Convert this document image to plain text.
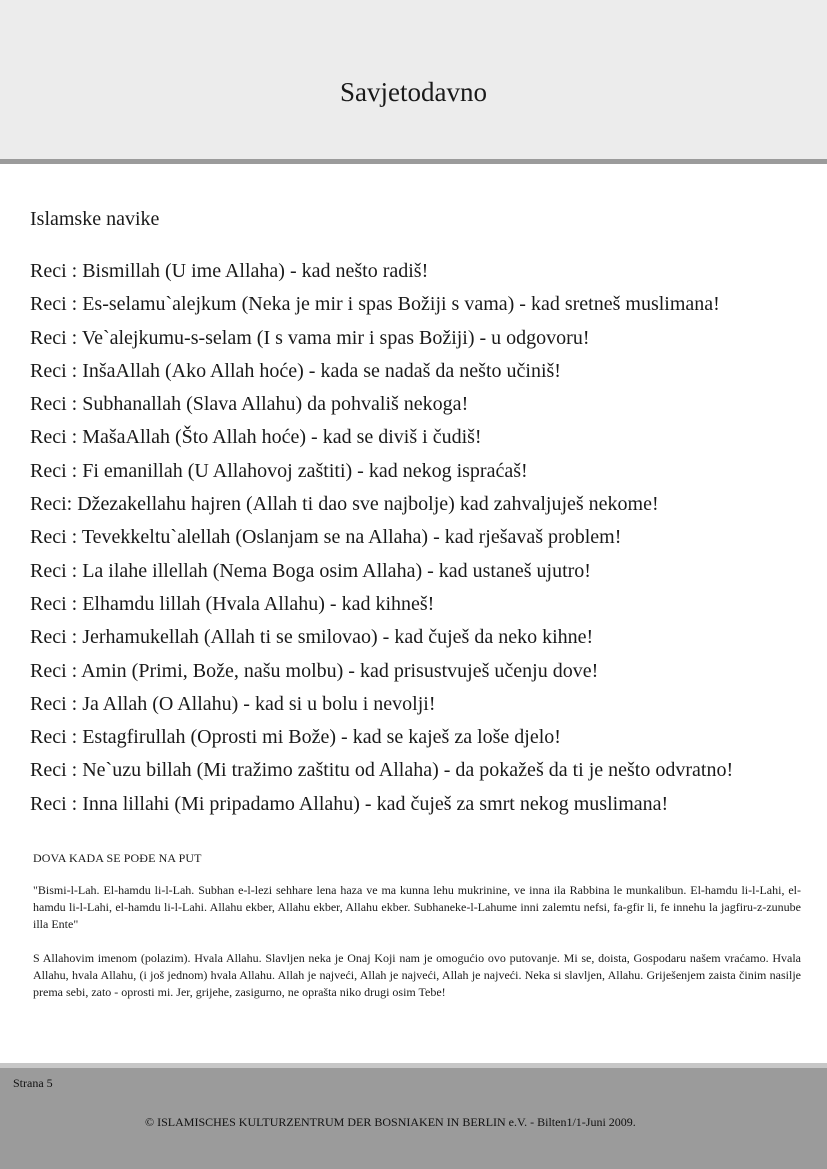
Savjetodavno
Islamske navike
Reci : Bismillah (U ime Allaha) - kad nešto radiš!
Reci : Es-selamu`alejkum (Neka je mir i spas Božiji s vama) - kad sretneš muslimana!
Reci : Ve`alejkumu-s-selam (I s vama mir i spas Božiji) - u odgovoru!
Reci : InšaAllah (Ako Allah hoće) - kada se nadaš da nešto učiniš!
Reci : Subhanallah (Slava Allahu) da pohvališ nekoga!
Reci : MašaAllah (Što Allah hoće) - kad se diviš i čudiš!
Reci : Fi emanillah (U Allahovoj zaštiti) - kad nekog ispraćaš!
Reci: Džezakellahu hajren (Allah ti dao sve najbolje) kad zahvaljuješ nekome!
Reci : Tevekkeltu`alellah (Oslanjam se na Allaha) - kad rješavaš problem!
Reci : La ilahe illellah (Nema Boga osim Allaha) - kad ustaneš ujutro!
Reci : Elhamdu lillah (Hvala Allahu) - kad kihneš!
Reci : Jerhamukellah (Allah ti se smilovao) - kad čuješ da neko kihne!
Reci : Amin (Primi, Bože, našu molbu) - kad prisustvuješ učenju dove!
Reci : Ja Allah (O Allahu) - kad si u bolu i nevolji!
Reci : Estagfirullah (Oprosti mi Bože) - kad se kaješ za loše djelo!
Reci : Ne`uzu billah (Mi tražimo zaštitu od Allaha) - da pokažeš da ti je nešto odvratno!
Reci : Inna lillahi (Mi pripadamo Allahu) - kad čuješ za smrt nekog muslimana!
DOVA KADA SE POĐE NA PUT

"Bismi-l-Lah. El-hamdu li-l-Lah. Subhan e-l-lezi sehhare lena haza ve ma kunna lehu mukrinine, ve inna ila Rabbina le munkalibun. El-hamdu li-l-Lahi, el-hamdu li-l-Lahi, el-hamdu li-l-Lahi. Allahu ekber, Allahu ekber, Allahu ekber. Subhaneke-l-Lahume inni zalemtu nefsi, fa-gfir li, fe innehu la jagfiru-z-zunube illa Ente"

S Allahovim imenom (polazim). Hvala Allahu. Slavljen neka je Onaj Koji nam je omogućio ovo putovanje. Mi se, doista, Gospodaru našem vraćamo. Hvala Allahu, hvala Allahu, (i još jednom) hvala Allahu. Allah je najveći, Allah je najveći, Allah je najveći. Neka si slavljen, Allahu. Griješenjem zaista činim nasilje prema sebi, zato - oprosti mi. Jer, grijehe, zasigurno, ne oprašta niko drugi osim Tebe!

Strana 5
© ISLAMISCHES KULTURZENTRUM DER BOSNIAKEN IN BERLIN e.V. - Bilten1/1-Juni 2009.
